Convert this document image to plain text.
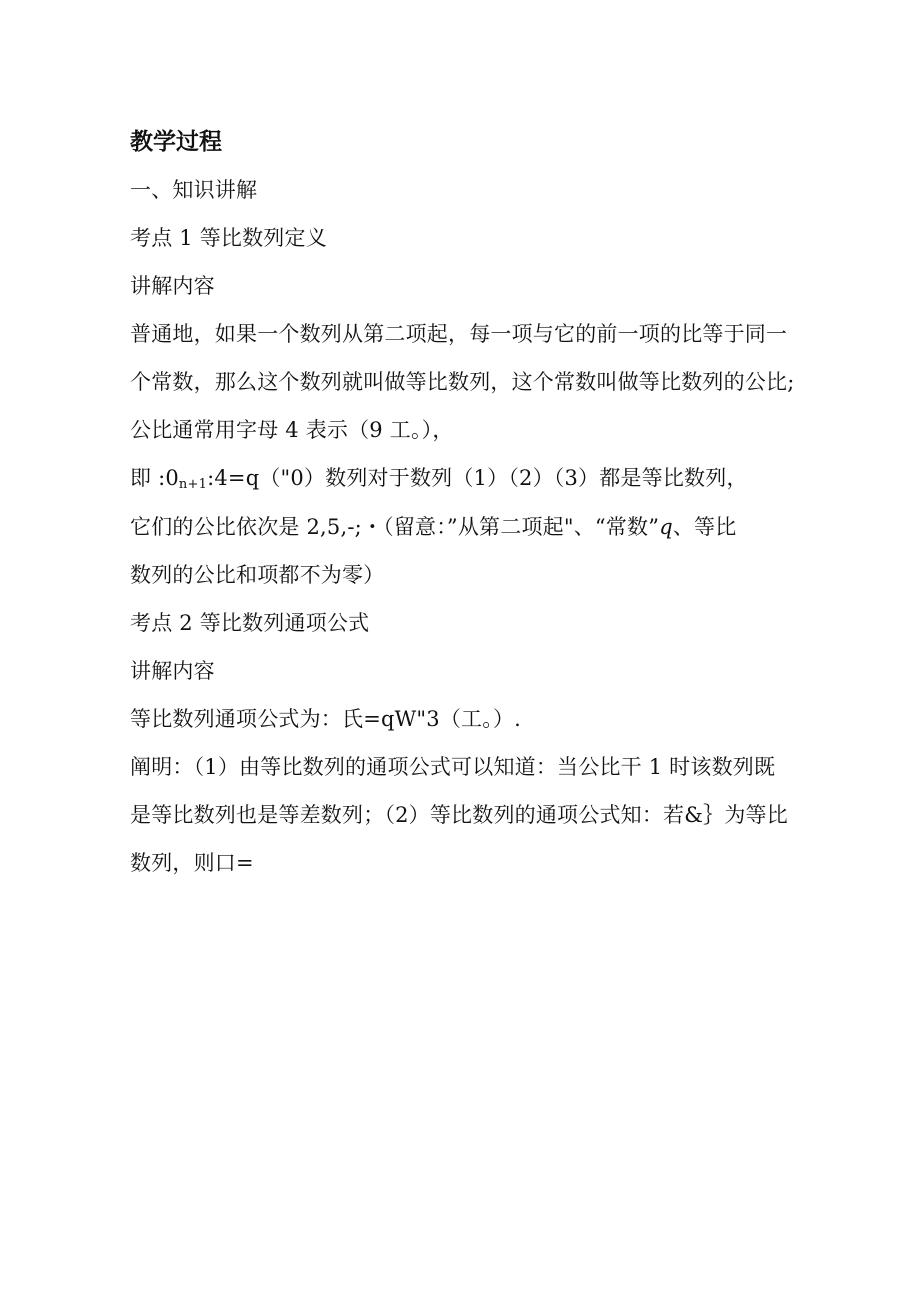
教学过程
一、知识讲解
考点 1 等比数列定义
讲解内容
普通地，如果一个数列从第二项起，每一项与它的前一项的比等于同一
个常数，那么这个数列就叫做等比数列，这个常数叫做等比数列的公比;
公比通常用字母 4 表示（9 工。），
即 $:0_{n+1}:4=q("0)$数列对于数列（1）（2）（3）都是等比数列，
它们的公比依次是 2,5,-;・（留意：”从第二项起"、“常数”q、等比
数列的公比和项都不为零）
考点 2 等比数列通项公式
讲解内容
等比数列通项公式为：氏=qW"3（工。）.
阐明：（1）由等比数列的通项公式可以知道：当公比干 1 时该数列既
是等比数列也是等差数列；（2）等比数列的通项公式知：若&｝为等比
数列，则口=
